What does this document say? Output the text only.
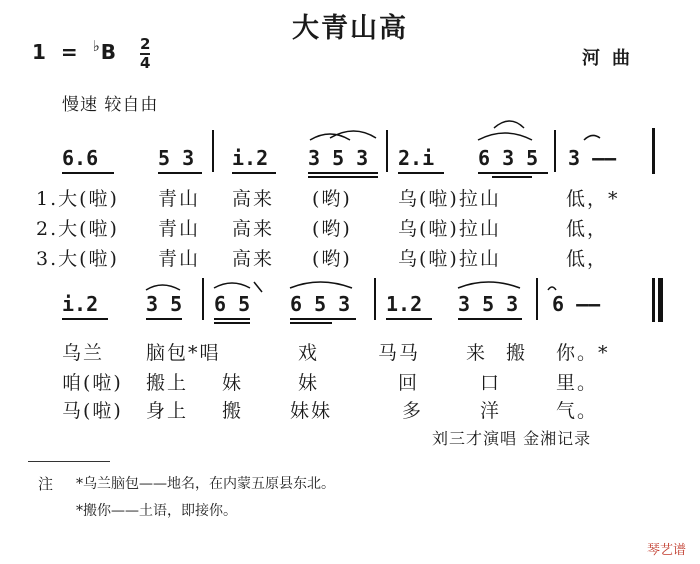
大青山高
1 = ♭B 2
4	河曲
慢速 较自由
6.6	5 3 i.2 3 5 3 2.i 6 3 5 3 ——
1.大(啦) 青山 高来 (哟) 乌(啦)拉山	低，*
2.大(啦) 青山 高来 (哟) 乌(啦)拉山	低，
3.大(啦) 青山 高来 (哟) 乌(啦)拉山	低，
i.2 3 5 6 5 6 5 3 1.2 3 5 3 6 ——
乌兰 脑包*唱	戏	马马 来 搬 你。*
咱(啦) 搬上 妹	妹	回	口	里。
马(啦) 身上 搬 妹妹	多	洋	气。
刘三才演唱 金湘记录
注 *乌兰脑包——地名，在内蒙五原县东北。
*搬你——土语，即接你。
琴艺谱
